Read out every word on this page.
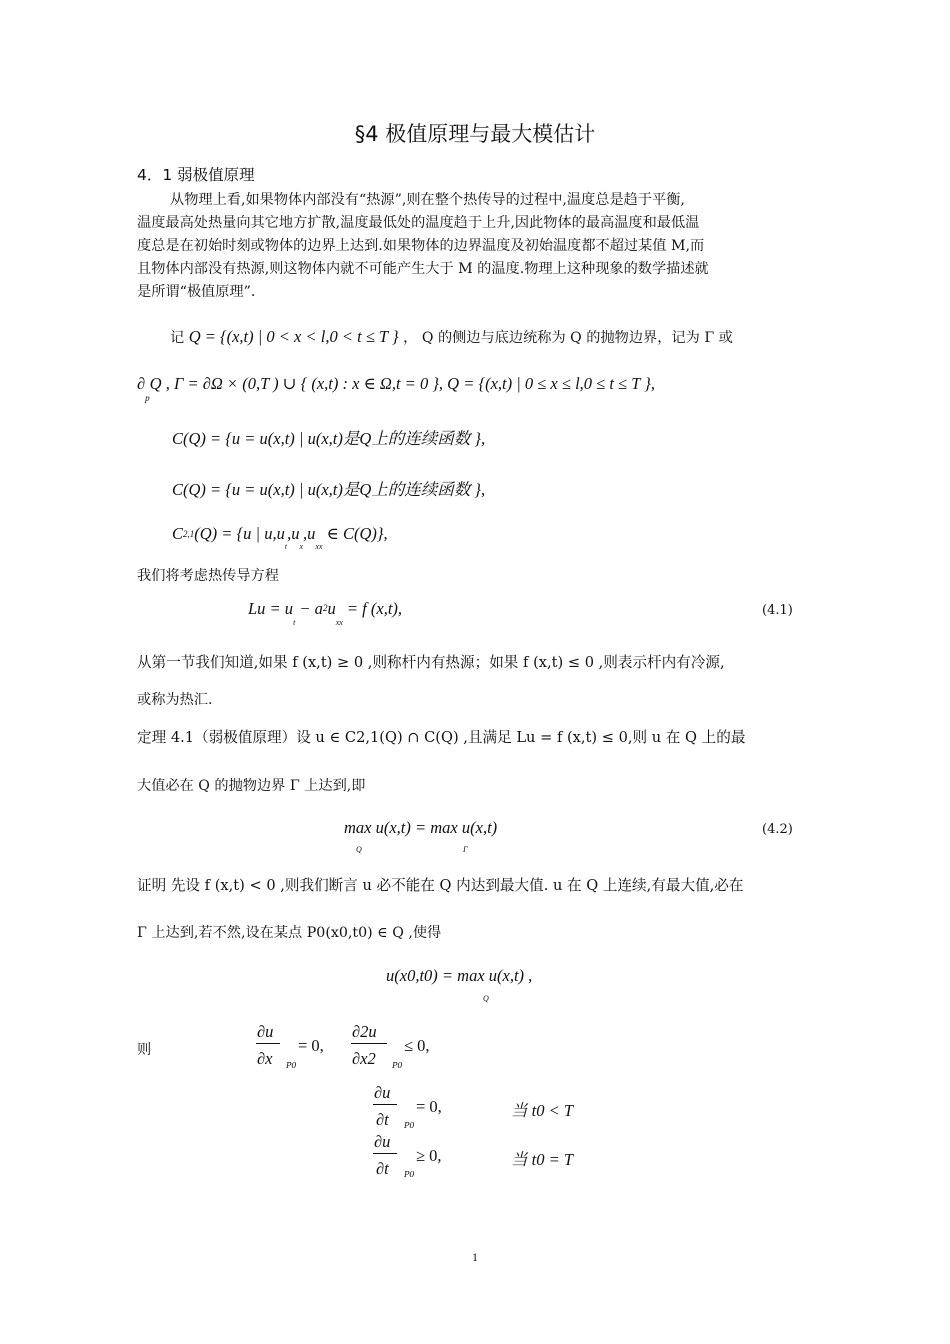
§4 极值原理与最大模估计
4．1 弱极值原理
从物理上看,如果物体内部没有“热源”,则在整个热传导的过程中,温度总是趋于平衡,
温度最高处热量向其它地方扩散,温度最低处的温度趋于上升,因此物体的最高温度和最低温
度总是在初始时刻或物体的边界上达到.如果物体的边界温度及初始温度都不超过某值 M,而
且物体内部没有热源,则这物体内就不可能产生大于 M 的温度.物理上这种现象的数学描述就
是所谓“极值原理”.
记 Q = {(x,t) | 0 < x < l,0 < t ≤ T } ， Q 的侧边与底边统称为 Q 的抛物边界，记为 Γ 或
$\partial_pQ$ , Γ = ∂Ω × (0,T ) ∪ { (x,t) : x ∈ Ω,t = 0 }, Q = {(x,t) | 0 ≤ x ≤ l,0 ≤ t ≤ T },
C(Q) = {u = u(x,t) | u(x,t)是Q上的连续函数 },
C(Q) = {u = u(x,t) | u(x,t)是Q上的连续函数 },
C2,1(Q) = {u | $u,u_t,u_x,u_{xx}$ ∈ C(Q)},
我们将考虑热传导方程
$Lu = u_t - a2u_{xx} = f$ (x,t),	(4.1)
从第一节我们知道,如果 f (x,t) ≥ 0 ,则称杆内有热源；如果 f (x,t) ≤ 0 ,则表示杆内有冷源,
或称为热汇.
定理 4.1（弱极值原理）设 u ∈ C2,1(Q) ∩ C(Q) ,且满足 Lu = f (x,t) ≤ 0,则 u 在 Q 上的最
大值必在 Q 的抛物边界 Γ 上达到,即
max u(x,t) = max u(x,t)
Q	Γ
(4.2)
证明 先设 f (x,t) < 0 ,则我们断言 u 必不能在 Q 内达到最大值. u 在 Q 上连续,有最大值,必在
Γ 上达到,若不然,设在某点 P0(x0,t0) ∈ Q ,使得
u(x0,t0) = max u(x,t) ,
Q
则
∂u
∂x P0
= 0,
∂2u
∂x2 P0
≤ 0,
∂u
∂t P0
= 0,	当 t0 < T
∂u
∂t P0
≥ 0,	当 t0 = T
1
